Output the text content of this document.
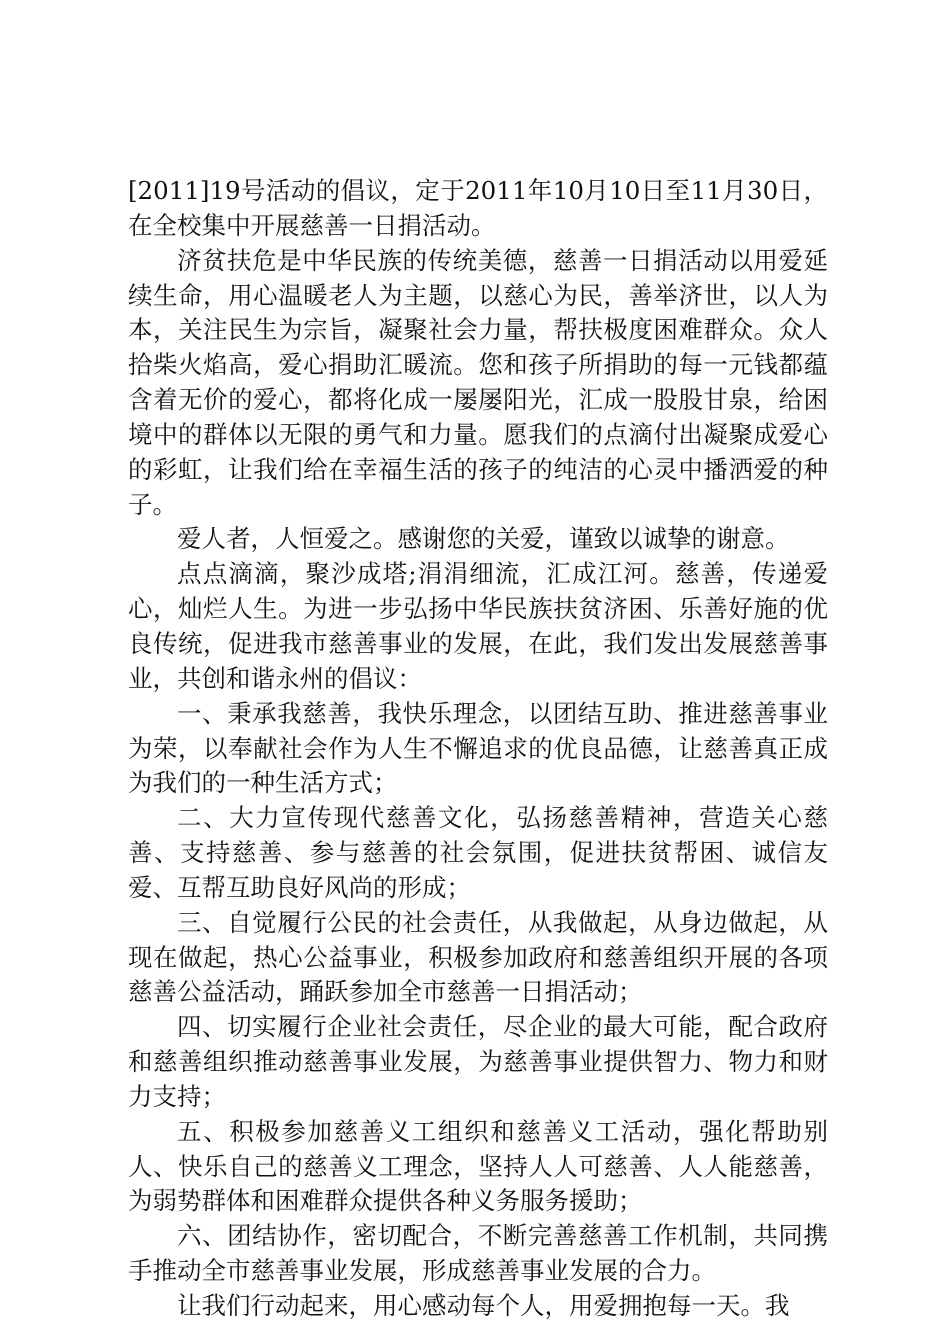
[2011]19号活动的倡议，定于2011年10月10日至11月30日，在全校集中开展慈善一日捐活动。

济贫扶危是中华民族的传统美德，慈善一日捐活动以用爱延续生命，用心温暖老人为主题，以慈心为民，善举济世，以人为本，关注民生为宗旨，凝聚社会力量，帮扶极度困难群众。众人拾柴火焰高，爱心捐助汇暖流。您和孩子所捐助的每一元钱都蕴含着无价的爱心，都将化成一屡屡阳光，汇成一股股甘泉，给困境中的群体以无限的勇气和力量。愿我们的点滴付出凝聚成爱心的彩虹，让我们给在幸福生活的孩子的纯洁的心灵中播洒爱的种子。

爱人者，人恒爱之。感谢您的关爱，谨致以诚挚的谢意。

点点滴滴，聚沙成塔;涓涓细流，汇成江河。慈善，传递爱心，灿烂人生。为进一步弘扬中华民族扶贫济困、乐善好施的优良传统，促进我市慈善事业的发展，在此，我们发出发展慈善事业，共创和谐永州的倡议：

一、秉承我慈善，我快乐理念，以团结互助、推进慈善事业为荣，以奉献社会作为人生不懈追求的优良品德，让慈善真正成为我们的一种生活方式；

二、大力宣传现代慈善文化，弘扬慈善精神，营造关心慈善、支持慈善、参与慈善的社会氛围，促进扶贫帮困、诚信友爱、互帮互助良好风尚的形成；

三、自觉履行公民的社会责任，从我做起，从身边做起，从现在做起，热心公益事业，积极参加政府和慈善组织开展的各项慈善公益活动，踊跃参加全市慈善一日捐活动；

四、切实履行企业社会责任，尽企业的最大可能，配合政府和慈善组织推动慈善事业发展，为慈善事业提供智力、物力和财力支持；

五、积极参加慈善义工组织和慈善义工活动，强化帮助别人、快乐自己的慈善义工理念，坚持人人可慈善、人人能慈善，为弱势群体和困难群众提供各种义务服务援助；

六、团结协作，密切配合，不断完善慈善工作机制，共同携手推动全市慈善事业发展，形成慈善事业发展的合力。

让我们行动起来，用心感动每个人，用爱拥抱每一天。我
